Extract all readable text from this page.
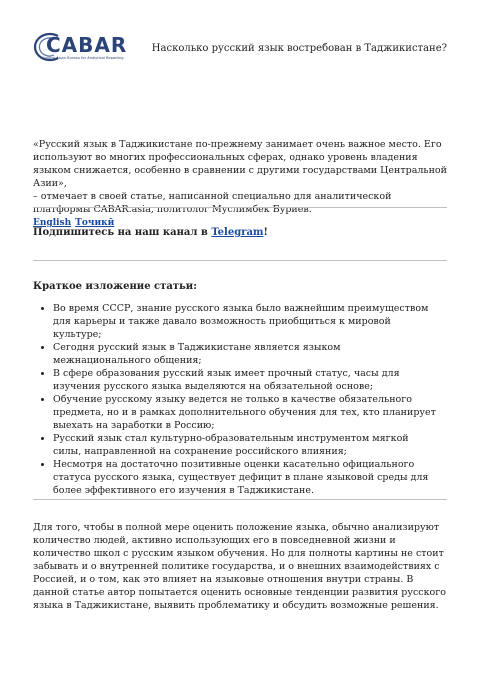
CABAR
Central Asian Bureau for Analytical Reporting
Насколько русский язык востребован в Таджикистане?

«Русский язык в Таджикистане по-прежнему занимает очень важное место. Его используют во многих профессиональных сферах, однако уровень владения языком снижается, особенно в сравнении с другими государствами Центральной Азии»,
– отмечает в своей статье, написанной специально для аналитической платформы CABAR.asia, политолог Муслимбек Буриев.

English Точикӣ

Подпишитесь на наш канал в Telegram!
Краткое изложение статьи:
• Во время СССР, знание русского языка было важнейшим преимуществом для карьеры и также давало возможность приобщиться к мировой культуре;
• Сегодня русский язык в Таджикистане является языком межнационального общения;
• В сфере образования русский язык имеет прочный статус, часы для изучения русского языка выделяются на обязательной основе;
• Обучение русскому языку ведется не только в качестве обязательного предмета, но и в рамках дополнительного обучения для тех, кто планирует выехать на заработки в Россию;
• Русский язык стал культурно-образовательным инструментом мягкой силы, направленной на сохранение российского влияния;
• Несмотря на достаточно позитивные оценки касательно официального статуса русского языка, существует дефицит в плане языковой среды для более эффективного его изучения в Таджикистане.

Для того, чтобы в полной мере оценить положение языка, обычно анализируют количество людей, активно использующих его в повседневной жизни и количество школ с русским языком обучения. Но для полноты картины не стоит забывать и о внутренней политике государства, и о внешних взаимодействиях с Россией, и о том, как это влияет на языковые отношения внутри страны. В данной статье автор попытается оценить основные тенденции развития русского языка в Таджикистане, выявить проблематику и обсудить возможные решения.
